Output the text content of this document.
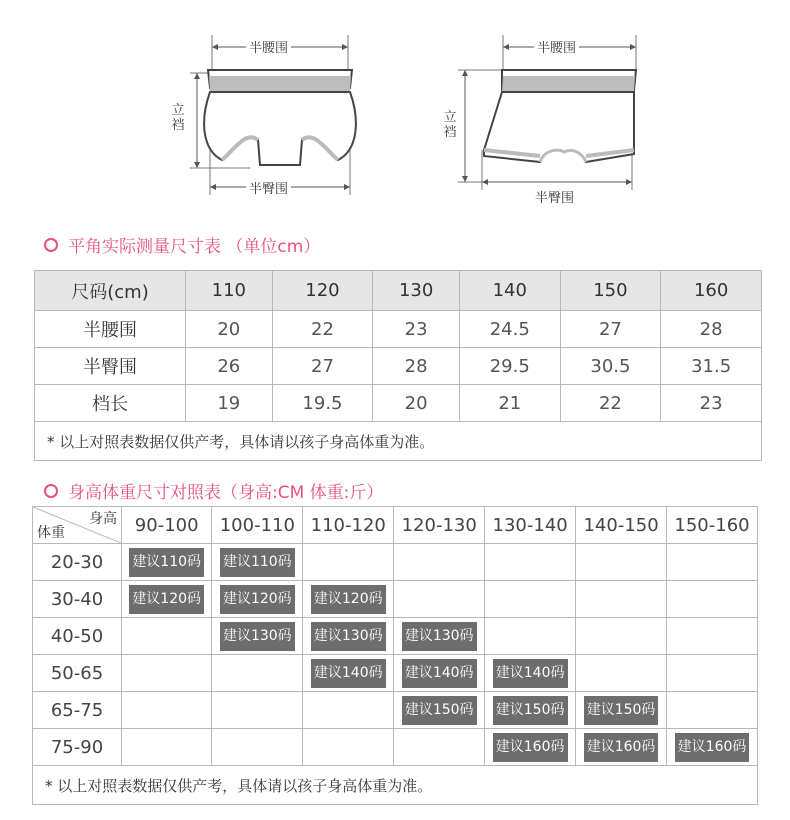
半腰围
立裆
半臀围
半腰围
立裆
半臀围
平角实际测量尺寸表 （单位cm）
尺码(cm)	110	120	130	140	150	160
半腰围	20	22	23	24.5	27	28
半臀围	26	27	28	29.5	30.5	31.5
档长	19	19.5	20	21	22	23
* 以上对照表数据仅供产考，具体请以孩子身高体重为准。						
身高体重尺寸对照表（身高:CM 体重:斤）
身高
体重	90-100	100-110	110-120	120-130	130-140	140-150	150-160
20-30	建议110码	建议110码					
30-40	建议120码	建议120码	建议120码				
40-50		建议130码	建议130码	建议130码			
50-65			建议140码	建议140码	建议140码		
65-75				建议150码	建议150码	建议150码	
75-90					建议160码	建议160码	建议160码
* 以上对照表数据仅供产考，具体请以孩子身高体重为准。							
